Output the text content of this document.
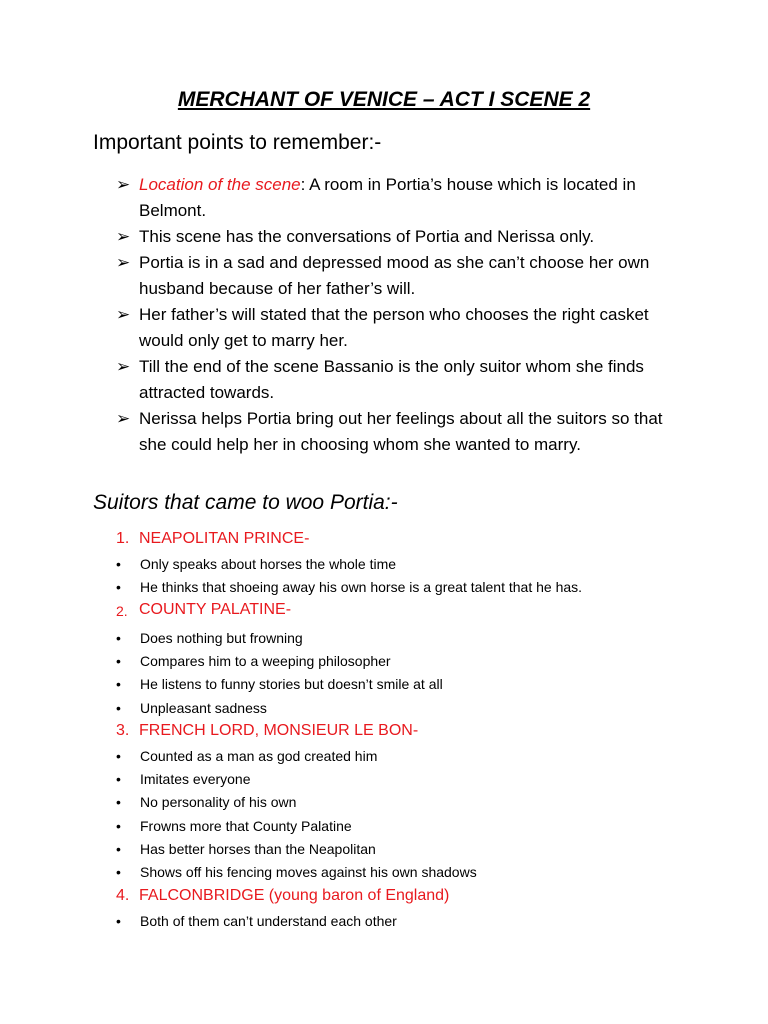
MERCHANT OF VENICE – ACT I SCENE 2
Important points to remember:-
➢ Location of the scene: A room in Portia’s house which is located in Belmont.
➢ This scene has the conversations of Portia and Nerissa only.
➢ Portia is in a sad and depressed mood as she can’t choose her own husband because of her father’s will.
➢ Her father’s will stated that the person who chooses the right casket would only get to marry her.
➢ Till the end of the scene Bassanio is the only suitor whom she finds attracted towards.
➢ Nerissa helps Portia bring out her feelings about all the suitors so that she could help her in choosing whom she wanted to marry.
Suitors that came to woo Portia:-
1. NEAPOLITAN PRINCE-
•	Only speaks about horses the whole time
•	He thinks that shoeing away his own horse is a great talent that he has.
2. COUNTY PALATINE-
•	Does nothing but frowning
•	Compares him to a weeping philosopher
•	He listens to funny stories but doesn’t smile at all
•	Unpleasant sadness
3. FRENCH LORD, MONSIEUR LE BON-
•	Counted as a man as god created him
•	Imitates everyone
•	No personality of his own
•	Frowns more that County Palatine
•	Has better horses than the Neapolitan
•	Shows off his fencing moves against his own shadows
4. FALCONBRIDGE (young baron of England)
•	Both of them can’t understand each other
